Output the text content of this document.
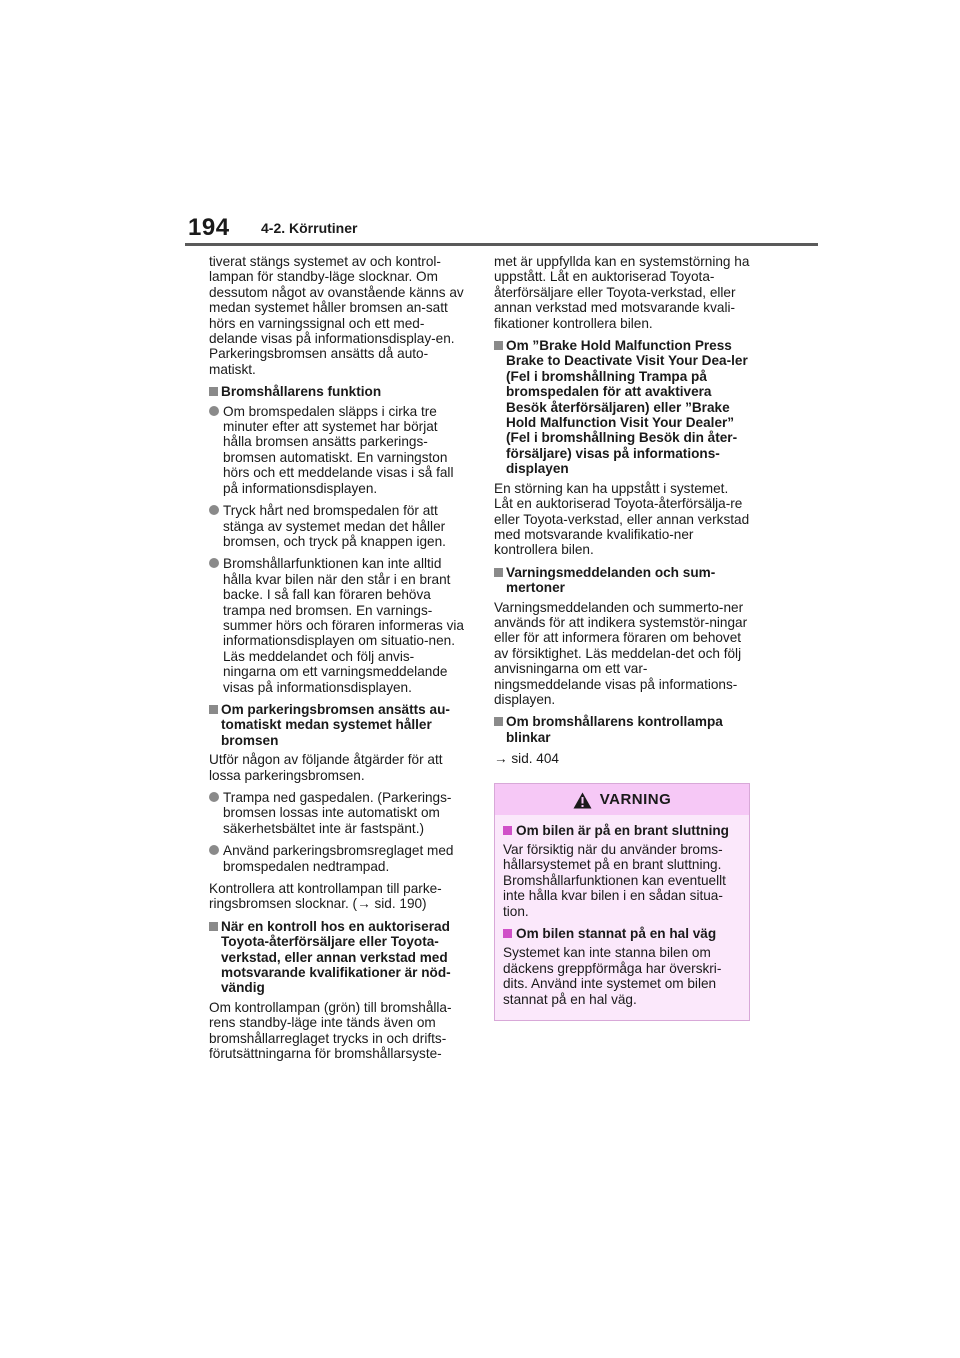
194 4-2. Körrutiner

tiverat stängs systemet av och kontrol-lampan för standby-läge slocknar. Om dessutom något av ovanstående känns av medan systemet håller bromsen an-satt hörs en varningssignal och ett med-delande visas på informationsdisplay-en. Parkeringsbromsen ansätts då auto-matiskt.

Bromshållarens funktion
Om bromspedalen släpps i cirka tre minuter efter att systemet har börjat hålla bromsen ansätts parkerings-bromsen automatiskt. En varningston hörs och ett meddelande visas i så fall på informationsdisplayen.
Tryck hårt ned bromspedalen för att stänga av systemet medan det håller bromsen, och tryck på knappen igen.
Bromshållarfunktionen kan inte alltid hålla kvar bilen när den står i en brant backe. I så fall kan föraren behöva trampa ned bromsen. En varnings-summer hörs och föraren informeras via informationsdisplayen om situatio-nen. Läs meddelandet och följ anvis-ningarna om ett varningsmeddelande visas på informationsdisplayen.
Om parkeringsbromsen ansätts au-tomatiskt medan systemet håller bromsen

Utför någon av följande åtgärder för att lossa parkeringsbromsen.

Trampa ned gaspedalen. (Parkerings-bromsen lossas inte automatiskt om säkerhetsbältet inte är fastspänt.)
Använd parkeringsbromsreglaget med bromspedalen nedtrampad.

Kontrollera att kontrollampan till parke-ringsbromsen slocknar. (→ sid. 190)

När en kontroll hos en auktoriserad Toyota-återförsäljare eller Toyota-verkstad, eller annan verkstad med motsvarande kvalifikationer är nöd-vändig

Om kontrollampan (grön) till bromshålla-rens standby-läge inte tänds även om bromshållarreglaget trycks in och drifts-förutsättningarna för bromshållarsyste-

met är uppfyllda kan en systemstörning ha uppstått. Låt en auktoriserad Toyota-återförsäljare eller Toyota-verkstad, eller annan verkstad med motsvarande kvali-fikationer kontrollera bilen.

Om ”Brake Hold Malfunction Press Brake to Deactivate Visit Your Dea-ler (Fel i bromshållning Trampa på bromspedalen för att avaktivera Besök återförsäljaren) eller ”Brake Hold Malfunction Visit Your Dealer” (Fel i bromshållning Besök din åter-försäljare) visas på informations-displayen

En störning kan ha uppstått i systemet. Låt en auktoriserad Toyota-återförsälja-re eller Toyota-verkstad, eller annan verkstad med motsvarande kvalifikatio-ner kontrollera bilen.

Varningsmeddelanden och sum-mertoner

Varningsmeddelanden och summerto-ner används för att indikera systemstör-ningar eller för att informera föraren om behovet av försiktighet. Läs meddelan-det och följ anvisningarna om ett var-ningsmeddelande visas på informations-displayen.

Om bromshållarens kontrollampa blinkar

→ sid. 404

VARNING
Om bilen är på en brant sluttning

Var försiktig när du använder broms-hållarsystemet på en brant sluttning. Bromshållarfunktionen kan eventuellt inte hålla kvar bilen i en sådan situa-tion.

Om bilen stannat på en hal väg

Systemet kan inte stanna bilen om däckens greppförmåga har överskri-dits. Använd inte systemet om bilen stannat på en hal väg.
